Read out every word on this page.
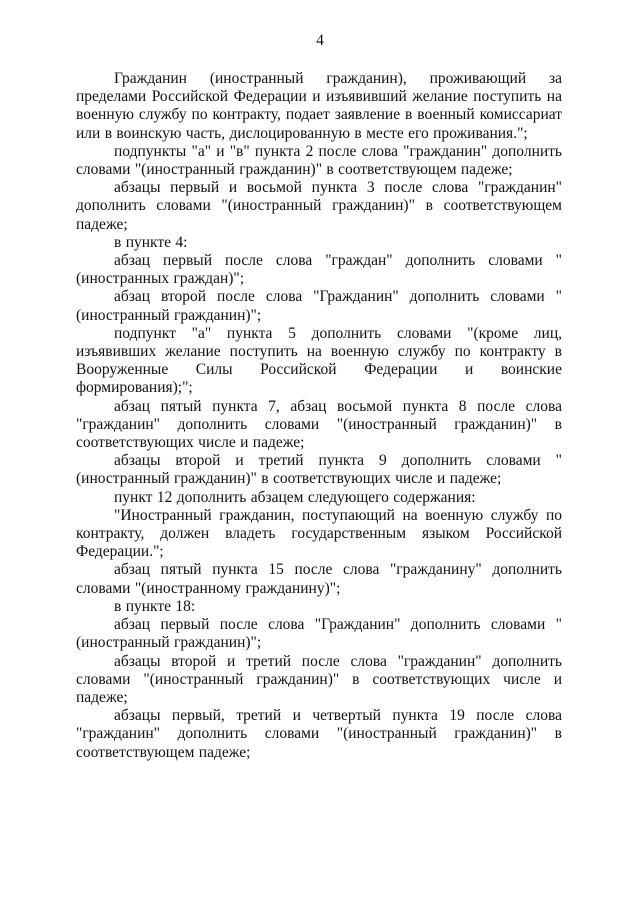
4

Гражданин (иностранный гражданин), проживающий за пределами Российской Федерации и изъявивший желание поступить на военную службу по контракту, подает заявление в военный комиссариат или в воинскую часть, дислоцированную в месте его проживания.";

подпункты "а" и "в" пункта 2 после слова "гражданин" дополнить словами "(иностранный гражданин)" в соответствующем падеже;

абзацы первый и восьмой пункта 3 после слова "гражданин" дополнить словами "(иностранный гражданин)" в соответствующем падеже;

в пункте 4:

абзац первый после слова "граждан" дополнить словами "(иностранных граждан)";

абзац второй после слова "Гражданин" дополнить словами "(иностранный гражданин)";

подпункт "а" пункта 5 дополнить словами "(кроме лиц, изъявивших желание поступить на военную службу по контракту в Вооруженные Силы Российской Федерации и воинские формирования);";

абзац пятый пункта 7, абзац восьмой пункта 8 после слова "гражданин" дополнить словами "(иностранный гражданин)" в соответствующих числе и падеже;

абзацы второй и третий пункта 9 дополнить словами "(иностранный гражданин)" в соответствующих числе и падеже;

пункт 12 дополнить абзацем следующего содержания:

"Иностранный гражданин, поступающий на военную службу по контракту, должен владеть государственным языком Российской Федерации.";

абзац пятый пункта 15 после слова "гражданину" дополнить словами "(иностранному гражданину)";

в пункте 18:

абзац первый после слова "Гражданин" дополнить словами "(иностранный гражданин)";

абзацы второй и третий после слова "гражданин" дополнить словами "(иностранный гражданин)" в соответствующих числе и падеже;

абзацы первый, третий и четвертый пункта 19 после слова "гражданин" дополнить словами "(иностранный гражданин)" в соответствующем падеже;
